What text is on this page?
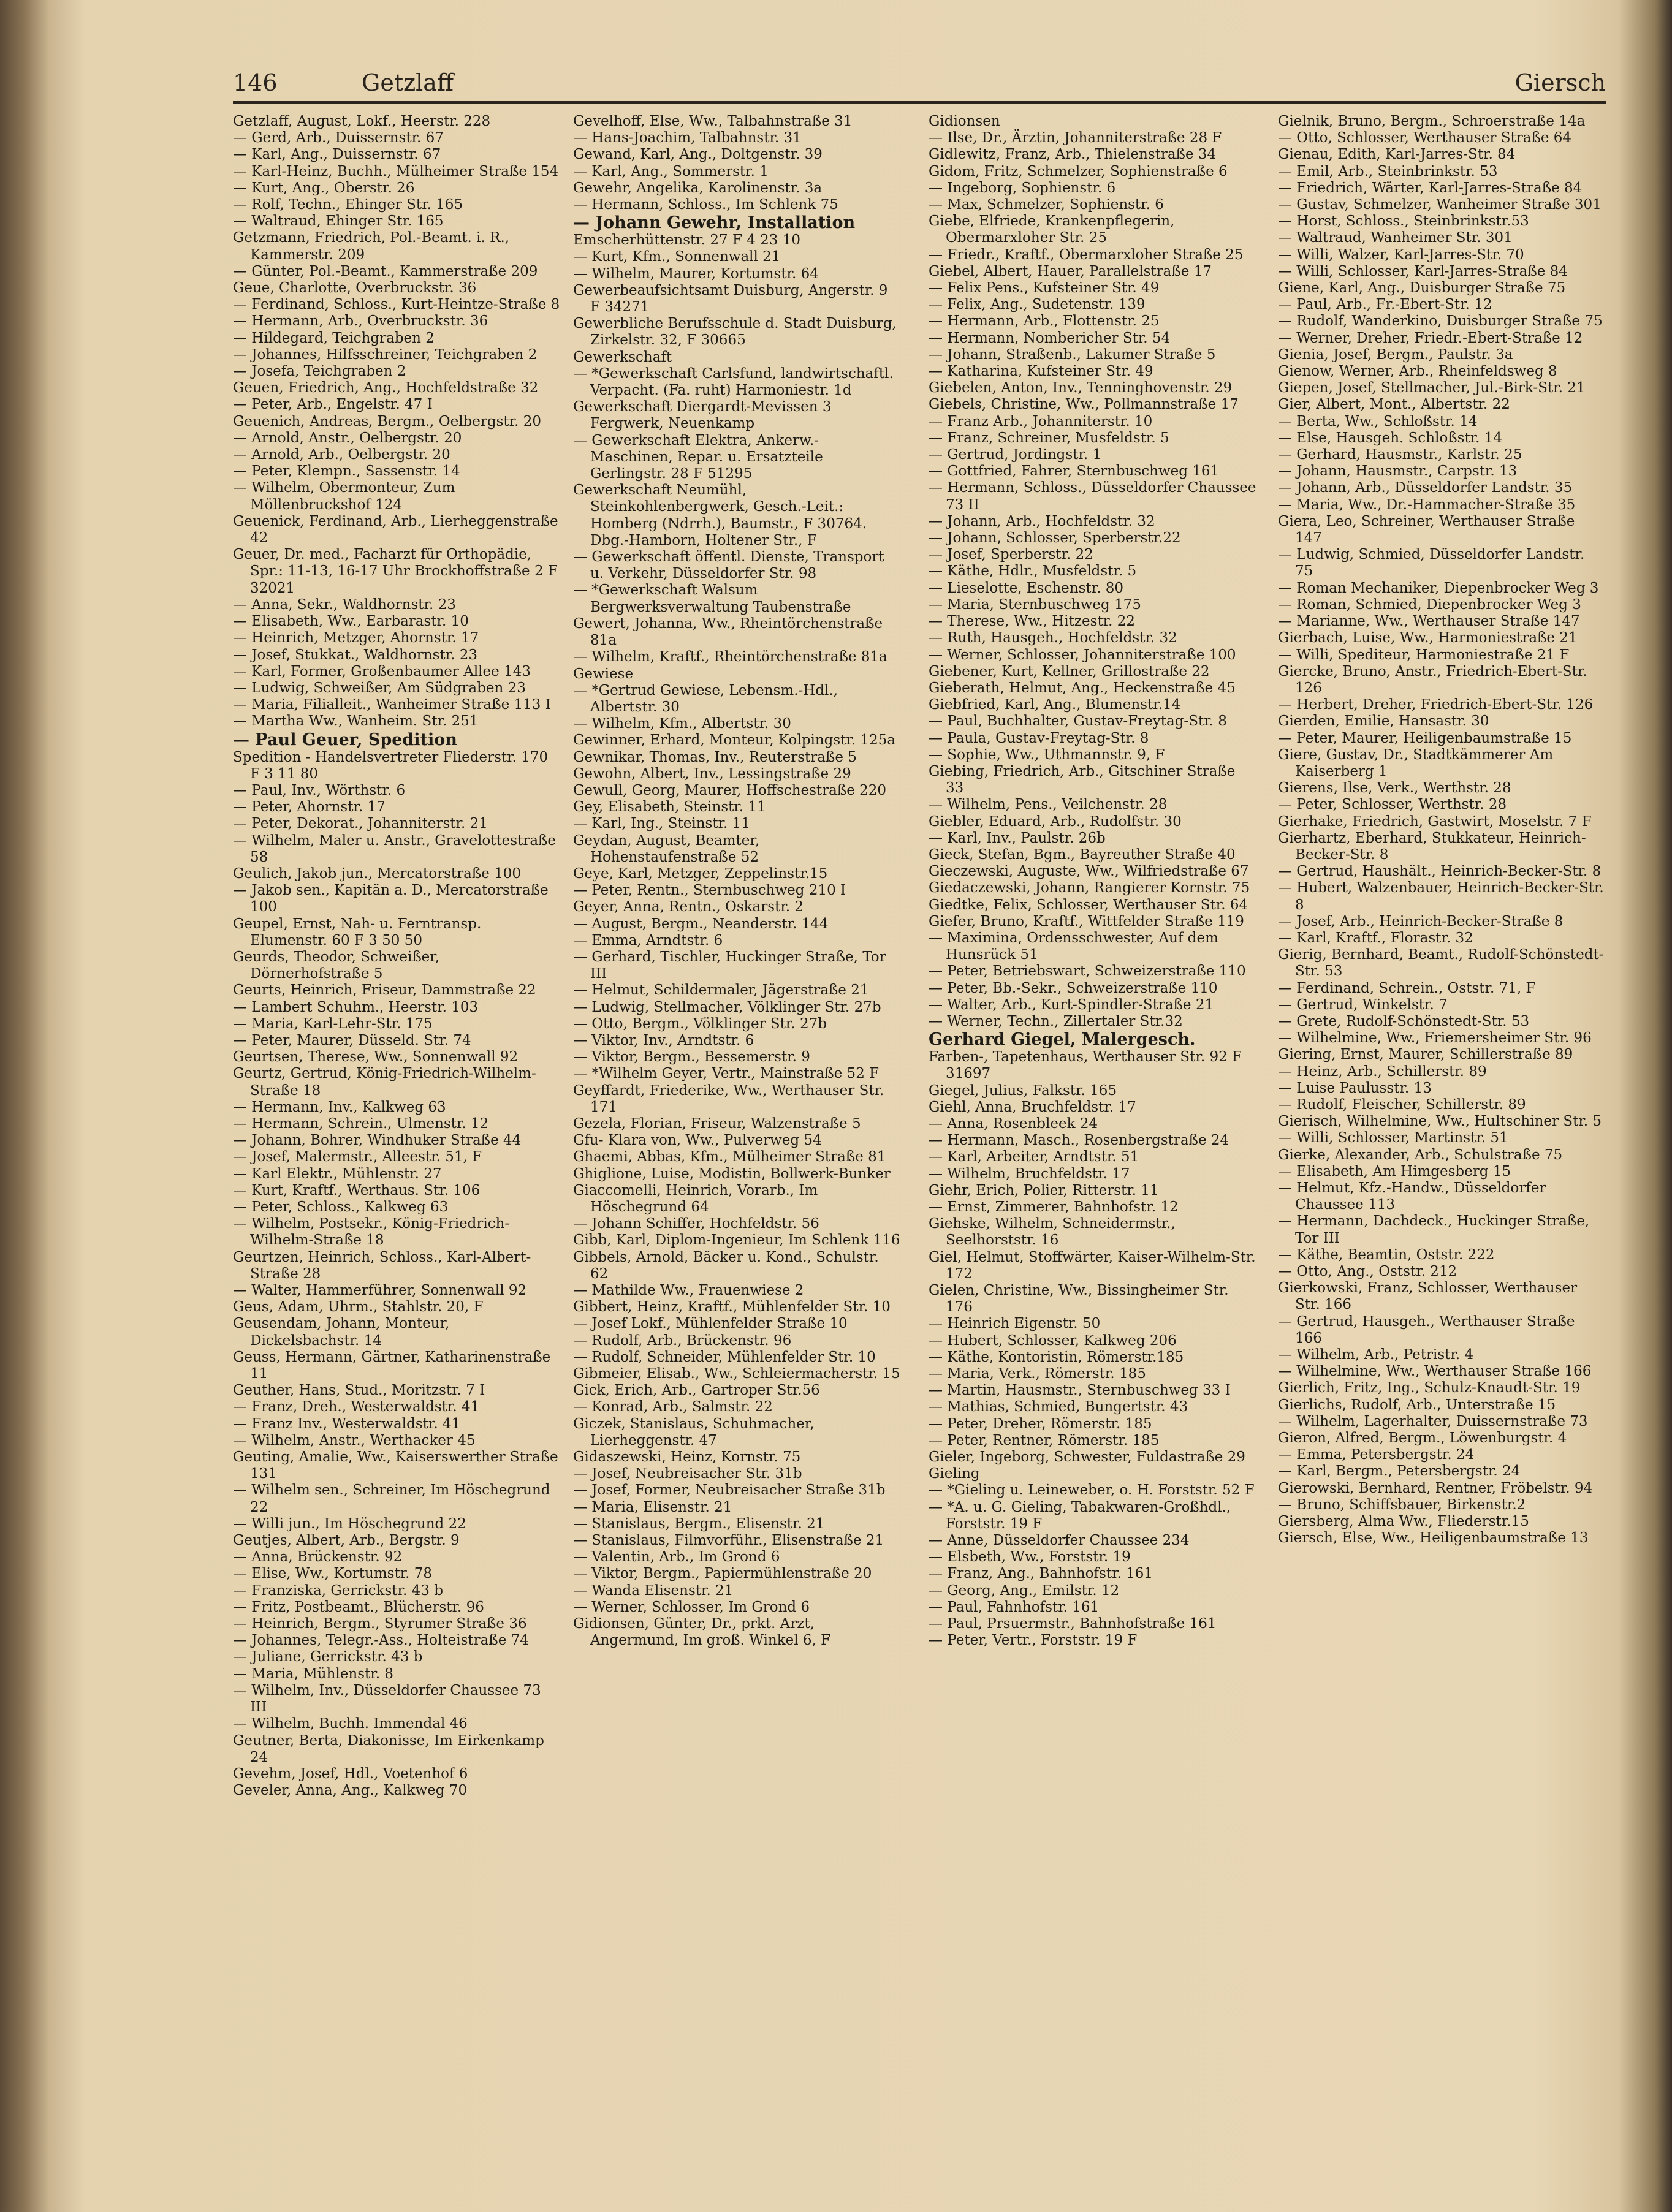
146	Getzlaff	Giersch
Getzlaff, August, Lokf., Heerstr. 228
— Gerd, Arb., Duissernstr. 67
— Karl, Ang., Duissernstr. 67
— Karl-Heinz, Buchh., Mülheimer Straße 154
— Kurt, Ang., Oberstr. 26
— Rolf, Techn., Ehinger Str. 165
— Waltraud, Ehinger Str. 165
Getzmann, Friedrich, Pol.-Beamt. i. R., Kammerstr. 209
— Günter, Pol.-Beamt., Kammerstraße 209
Geue, Charlotte, Overbruckstr. 36
— Ferdinand, Schloss., Kurt-Heintze-Straße 8
— Hermann, Arb., Overbruckstr. 36
— Hildegard, Teichgraben 2
— Johannes, Hilfsschreiner, Teichgraben 2
— Josefa, Teichgraben 2
Geuen, Friedrich, Ang., Hochfeldstraße 32
— Peter, Arb., Engelstr. 47 I
Geuenich, Andreas, Bergm., Oelbergstr. 20
— Arnold, Anstr., Oelbergstr. 20
— Arnold, Arb., Oelbergstr. 20
— Peter, Klempn., Sassenstr. 14
— Wilhelm, Obermonteur, Zum Möllenbruckshof 124
Geuenick, Ferdinand, Arb., Lierheggenstraße 42
Geuer, Dr. med., Facharzt für Orthopädie, Spr.: 11-13, 16-17 Uhr Brockhoffstraße 2 F 32021
— Anna, Sekr., Waldhornstr. 23
— Elisabeth, Ww., Earbarastr. 10
— Heinrich, Metzger, Ahornstr. 17
— Josef, Stukkat., Waldhornstr. 23
— Karl, Former, Großenbaumer Allee 143
— Ludwig, Schweißer, Am Südgraben 23
— Maria, Filialleit., Wanheimer Straße 113 I
— Martha Ww., Wanheim. Str. 251
— Paul Geuer, Spedition
Spedition - Handelsvertreter Fliederstr. 170 F 3 11 80
— Paul, Inv., Wörthstr. 6
— Peter, Ahornstr. 17
— Peter, Dekorat., Johanniterstr. 21
— Wilhelm, Maler u. Anstr., Gravelottestraße 58
Geulich, Jakob jun., Mercatorstraße 100
— Jakob sen., Kapitän a. D., Mercatorstraße 100
Geupel, Ernst, Nah- u. Ferntransp. Elumenstr. 60 F 3 50 50
Geurds, Theodor, Schweißer, Dörnerhofstraße 5
Geurts, Heinrich, Friseur, Dammstraße 22
— Lambert Schuhm., Heerstr. 103
— Maria, Karl-Lehr-Str. 175
— Peter, Maurer, Düsseld. Str. 74
Geurtsen, Therese, Ww., Sonnenwall 92
Geurtz, Gertrud, König-Friedrich-Wilhelm-Straße 18
— Hermann, Inv., Kalkweg 63
— Hermann, Schrein., Ulmenstr. 12
— Johann, Bohrer, Windhuker Straße 44
— Josef, Malermstr., Alleestr. 51, F
— Karl Elektr., Mühlenstr. 27
— Kurt, Kraftf., Werthaus. Str. 106
— Peter, Schloss., Kalkweg 63
— Wilhelm, Postsekr., König-Friedrich-Wilhelm-Straße 18
Geurtzen, Heinrich, Schloss., Karl-Albert-Straße 28
— Walter, Hammerführer, Sonnenwall 92
Geus, Adam, Uhrm., Stahlstr. 20, F
Geusendam, Johann, Monteur, Dickelsbachstr. 14
Geuss, Hermann, Gärtner, Katharinenstraße 11
Geuther, Hans, Stud., Moritzstr. 7 I
— Franz, Dreh., Westerwaldstr. 41
— Franz Inv., Westerwaldstr. 41
— Wilhelm, Anstr., Werthacker 45
Geuting, Amalie, Ww., Kaiserswerther Straße 131
— Wilhelm sen., Schreiner, Im Höschegrund 22
— Willi jun., Im Höschegrund 22
Geutjes, Albert, Arb., Bergstr. 9
— Anna, Brückenstr. 92
— Elise, Ww., Kortumstr. 78
— Franziska, Gerrickstr. 43 b
— Fritz, Postbeamt., Blücherstr. 96
— Heinrich, Bergm., Styrumer Straße 36
— Johannes, Telegr.-Ass., Holteistraße 74
— Juliane, Gerrickstr. 43 b
— Maria, Mühlenstr. 8
— Wilhelm, Inv., Düsseldorfer Chaussee 73 III
— Wilhelm, Buchh. Immendal 46
Geutner, Berta, Diakonisse, Im Eirkenkamp 24
Gevehm, Josef, Hdl., Voetenhof 6
Geveler, Anna, Ang., Kalkweg 70
Gevelhoff, Else, Ww., Talbahnstraße 31
— Hans-Joachim, Talbahnstr. 31
Gewand, Karl, Ang., Doltgenstr. 39
— Karl, Ang., Sommerstr. 1
Gewehr, Angelika, Karolinenstr. 3a
— Hermann, Schloss., Im Schlenk 75
— Johann Gewehr, Installation
Emscherhüttenstr. 27 F 4 23 10
— Kurt, Kfm., Sonnenwall 21
— Wilhelm, Maurer, Kortumstr. 64
Gewerbeaufsichtsamt Duisburg, Angerstr. 9 F 34271
Gewerbliche Berufsschule d. Stadt Duisburg, Zirkelstr. 32, F 30665
Gewerkschaft
— *Gewerkschaft Carlsfund, landwirtschaftl. Verpacht. (Fa. ruht) Harmoniestr. 1d
Gewerkschaft Diergardt-Mevissen 3 Fergwerk, Neuenkamp
— Gewerkschaft Elektra, Ankerw.-Maschinen, Repar. u. Ersatzteile Gerlingstr. 28 F 51295
Gewerkschaft Neumühl, Steinkohlenbergwerk, Gesch.-Leit.: Homberg (Ndrrh.), Baumstr., F 30764. Dbg.-Hamborn, Holtener Str., F
— Gewerkschaft öffentl. Dienste, Transport u. Verkehr, Düsseldorfer Str. 98
— *Gewerkschaft Walsum Bergwerksverwaltung Taubenstraße
Gewert, Johanna, Ww., Rheintörchenstraße 81a
— Wilhelm, Kraftf., Rheintörchenstraße 81a
Gewiese
— *Gertrud Gewiese, Lebensm.-Hdl., Albertstr. 30
— Wilhelm, Kfm., Albertstr. 30
Gewinner, Erhard, Monteur, Kolpingstr. 125a
Gewnikar, Thomas, Inv., Reuterstraße 5
Gewohn, Albert, Inv., Lessingstraße 29
Gewull, Georg, Maurer, Hoffschestraße 220
Gey, Elisabeth, Steinstr. 11
— Karl, Ing., Steinstr. 11
Geydan, August, Beamter, Hohenstaufenstraße 52
Geye, Karl, Metzger, Zeppelinstr.15
— Peter, Rentn., Sternbuschweg 210 I
Geyer, Anna, Rentn., Oskarstr. 2
— August, Bergm., Neanderstr. 144
— Emma, Arndtstr. 6
— Gerhard, Tischler, Huckinger Straße, Tor III
— Helmut, Schildermaler, Jägerstraße 21
— Ludwig, Stellmacher, Völklinger Str. 27b
— Otto, Bergm., Völklinger Str. 27b
— Viktor, Inv., Arndtstr. 6
— Viktor, Bergm., Bessemerstr. 9
— *Wilhelm Geyer, Vertr., Mainstraße 52 F
Geyffardt, Friederike, Ww., Werthauser Str. 171
Gezela, Florian, Friseur, Walzenstraße 5
Gfu- Klara von, Ww., Pulverweg 54
Ghaemi, Abbas, Kfm., Mülheimer Straße 81
Ghiglione, Luise, Modistin, Bollwerk-Bunker
Giaccomelli, Heinrich, Vorarb., Im Höschegrund 64
— Johann Schiffer, Hochfeldstr. 56
Gibb, Karl, Diplom-Ingenieur, Im Schlenk 116
Gibbels, Arnold, Bäcker u. Kond., Schulstr. 62
— Mathilde Ww., Frauenwiese 2
Gibbert, Heinz, Kraftf., Mühlenfelder Str. 10
— Josef Lokf., Mühlenfelder Straße 10
— Rudolf, Arb., Brückenstr. 96
— Rudolf, Schneider, Mühlenfelder Str. 10
Gibmeier, Elisab., Ww., Schleiermacherstr. 15
Gick, Erich, Arb., Gartroper Str.56
— Konrad, Arb., Salmstr. 22
Giczek, Stanislaus, Schuhmacher, Lierheggenstr. 47
Gidaszewski, Heinz, Kornstr. 75
— Josef, Neubreisacher Str. 31b
— Josef, Former, Neubreisacher Straße 31b
— Maria, Elisenstr. 21
— Stanislaus, Bergm., Elisenstr. 21
— Stanislaus, Filmvorführ., Elisenstraße 21
— Valentin, Arb., Im Grond 6
— Viktor, Bergm., Papiermühlenstraße 20
— Wanda Elisenstr. 21
— Werner, Schlosser, Im Grond 6
Gidionsen, Günter, Dr., prkt. Arzt, Angermund, Im groß. Winkel 6, F
Gidionsen
— Ilse, Dr., Ärztin, Johanniterstraße 28 F
Gidlewitz, Franz, Arb., Thielenstraße 34
Gidom, Fritz, Schmelzer, Sophienstraße 6
— Ingeborg, Sophienstr. 6
— Max, Schmelzer, Sophienstr. 6
Giebe, Elfriede, Krankenpflegerin, Obermarxloher Str. 25
— Friedr., Kraftf., Obermarxloher Straße 25
Giebel, Albert, Hauer, Parallelstraße 17
— Felix Pens., Kufsteiner Str. 49
— Felix, Ang., Sudetenstr. 139
— Hermann, Arb., Flottenstr. 25
— Hermann, Nombericher Str. 54
— Johann, Straßenb., Lakumer Straße 5
— Katharina, Kufsteiner Str. 49
Giebelen, Anton, Inv., Tenninghovenstr. 29
Giebels, Christine, Ww., Pollmannstraße 17
— Franz Arb., Johanniterstr. 10
— Franz, Schreiner, Musfeldstr. 5
— Gertrud, Jordingstr. 1
— Gottfried, Fahrer, Sternbuschweg 161
— Hermann, Schloss., Düsseldorfer Chaussee 73 II
— Johann, Arb., Hochfeldstr. 32
— Johann, Schlosser, Sperberstr.22
— Josef, Sperberstr. 22
— Käthe, Hdlr., Musfeldstr. 5
— Lieselotte, Eschenstr. 80
— Maria, Sternbuschweg 175
— Therese, Ww., Hitzestr. 22
— Ruth, Hausgeh., Hochfeldstr. 32
— Werner, Schlosser, Johanniterstraße 100
Giebener, Kurt, Kellner, Grillostraße 22
Gieberath, Helmut, Ang., Heckenstraße 45
Giebfried, Karl, Ang., Blumenstr.14
— Paul, Buchhalter, Gustav-Freytag-Str. 8
— Paula, Gustav-Freytag-Str. 8
— Sophie, Ww., Uthmannstr. 9, F
Giebing, Friedrich, Arb., Gitschiner Straße 33
— Wilhelm, Pens., Veilchenstr. 28
Giebler, Eduard, Arb., Rudolfstr. 30
— Karl, Inv., Paulstr. 26b
Gieck, Stefan, Bgm., Bayreuther Straße 40
Gieczewski, Auguste, Ww., Wilfriedstraße 67
Giedaczewski, Johann, Rangierer Kornstr. 75
Giedtke, Felix, Schlosser, Werthauser Str. 64
Giefer, Bruno, Kraftf., Wittfelder Straße 119
— Maximina, Ordensschwester, Auf dem Hunsrück 51
— Peter, Betriebswart, Schweizerstraße 110
— Peter, Bb.-Sekr., Schweizerstraße 110
— Walter, Arb., Kurt-Spindler-Straße 21
— Werner, Techn., Zillertaler Str.32
Gerhard Giegel, Malergesch.
Farben-, Tapetenhaus, Werthauser Str. 92 F 31697
Giegel, Julius, Falkstr. 165
Giehl, Anna, Bruchfeldstr. 17
— Anna, Rosenbleek 24
— Hermann, Masch., Rosenbergstraße 24
— Karl, Arbeiter, Arndtstr. 51
— Wilhelm, Bruchfeldstr. 17
Giehr, Erich, Polier, Ritterstr. 11
— Ernst, Zimmerer, Bahnhofstr. 12
Giehske, Wilhelm, Schneidermstr., Seelhorststr. 16
Giel, Helmut, Stoffwärter, Kaiser-Wilhelm-Str. 172
Gielen, Christine, Ww., Bissingheimer Str. 176
— Heinrich Eigenstr. 50
— Hubert, Schlosser, Kalkweg 206
— Käthe, Kontoristin, Römerstr.185
— Maria, Verk., Römerstr. 185
— Martin, Hausmstr., Sternbuschweg 33 I
— Mathias, Schmied, Bungertstr. 43
— Peter, Dreher, Römerstr. 185
— Peter, Rentner, Römerstr. 185
Gieler, Ingeborg, Schwester, Fuldastraße 29
Gieling
— *Gieling u. Leineweber, o. H. Forststr. 52 F
— *A. u. G. Gieling, Tabakwaren-Großhdl., Forststr. 19 F
— Anne, Düsseldorfer Chaussee 234
— Elsbeth, Ww., Forststr. 19
— Franz, Ang., Bahnhofstr. 161
— Georg, Ang., Emilstr. 12
— Paul, Fahnhofstr. 161
— Paul, Prsuermstr., Bahnhofstraße 161
— Peter, Vertr., Forststr. 19 F
Gielnik, Bruno, Bergm., Schroerstraße 14a
— Otto, Schlosser, Werthauser Straße 64
Gienau, Edith, Karl-Jarres-Str. 84
— Emil, Arb., Steinbrinkstr. 53
— Friedrich, Wärter, Karl-Jarres-Straße 84
— Gustav, Schmelzer, Wanheimer Straße 301
— Horst, Schloss., Steinbrinkstr.53
— Waltraud, Wanheimer Str. 301
— Willi, Walzer, Karl-Jarres-Str. 70
— Willi, Schlosser, Karl-Jarres-Straße 84
Giene, Karl, Ang., Duisburger Straße 75
— Paul, Arb., Fr.-Ebert-Str. 12
— Rudolf, Wanderkino, Duisburger Straße 75
— Werner, Dreher, Friedr.-Ebert-Straße 12
Gienia, Josef, Bergm., Paulstr. 3a
Gienow, Werner, Arb., Rheinfeldsweg 8
Giepen, Josef, Stellmacher, Jul.-Birk-Str. 21
Gier, Albert, Mont., Albertstr. 22
— Berta, Ww., Schloßstr. 14
— Else, Hausgeh. Schloßstr. 14
— Gerhard, Hausmstr., Karlstr. 25
— Johann, Hausmstr., Carpstr. 13
— Johann, Arb., Düsseldorfer Landstr. 35
— Maria, Ww., Dr.-Hammacher-Straße 35
Giera, Leo, Schreiner, Werthauser Straße 147
— Ludwig, Schmied, Düsseldorfer Landstr. 75
— Roman Mechaniker, Diepenbrocker Weg 3
— Roman, Schmied, Diepenbrocker Weg 3
— Marianne, Ww., Werthauser Straße 147
Gierbach, Luise, Ww., Harmoniestraße 21
— Willi, Spediteur, Harmoniestraße 21 F
Giercke, Bruno, Anstr., Friedrich-Ebert-Str. 126
— Herbert, Dreher, Friedrich-Ebert-Str. 126
Gierden, Emilie, Hansastr. 30
— Peter, Maurer, Heiligenbaumstraße 15
Giere, Gustav, Dr., Stadtkämmerer Am Kaiserberg 1
Gierens, Ilse, Verk., Werthstr. 28
— Peter, Schlosser, Werthstr. 28
Gierhake, Friedrich, Gastwirt, Moselstr. 7 F
Gierhartz, Eberhard, Stukkateur, Heinrich-Becker-Str. 8
— Gertrud, Haushält., Heinrich-Becker-Str. 8
— Hubert, Walzenbauer, Heinrich-Becker-Str. 8
— Josef, Arb., Heinrich-Becker-Straße 8
— Karl, Kraftf., Florastr. 32
Gierig, Bernhard, Beamt., Rudolf-Schönstedt-Str. 53
— Ferdinand, Schrein., Oststr. 71, F
— Gertrud, Winkelstr. 7
— Grete, Rudolf-Schönstedt-Str. 53
— Wilhelmine, Ww., Friemersheimer Str. 96
Giering, Ernst, Maurer, Schillerstraße 89
— Heinz, Arb., Schillerstr. 89
— Luise Paulusstr. 13
— Rudolf, Fleischer, Schillerstr. 89
Gierisch, Wilhelmine, Ww., Hultschiner Str. 5
— Willi, Schlosser, Martinstr. 51
Gierke, Alexander, Arb., Schulstraße 75
— Elisabeth, Am Himgesberg 15
— Helmut, Kfz.-Handw., Düsseldorfer Chaussee 113
— Hermann, Dachdeck., Huckinger Straße, Tor III
— Käthe, Beamtin, Oststr. 222
— Otto, Ang., Oststr. 212
Gierkowski, Franz, Schlosser, Werthauser Str. 166
— Gertrud, Hausgeh., Werthauser Straße 166
— Wilhelm, Arb., Petristr. 4
— Wilhelmine, Ww., Werthauser Straße 166
Gierlich, Fritz, Ing., Schulz-Knaudt-Str. 19
Gierlichs, Rudolf, Arb., Unterstraße 15
— Wilhelm, Lagerhalter, Duissernstraße 73
Gieron, Alfred, Bergm., Löwenburgstr. 4
— Emma, Petersbergstr. 24
— Karl, Bergm., Petersbergstr. 24
Gierowski, Bernhard, Rentner, Fröbelstr. 94
— Bruno, Schiffsbauer, Birkenstr.2
Giersberg, Alma Ww., Fliederstr.15
Giersch, Else, Ww., Heiligenbaumstraße 13
